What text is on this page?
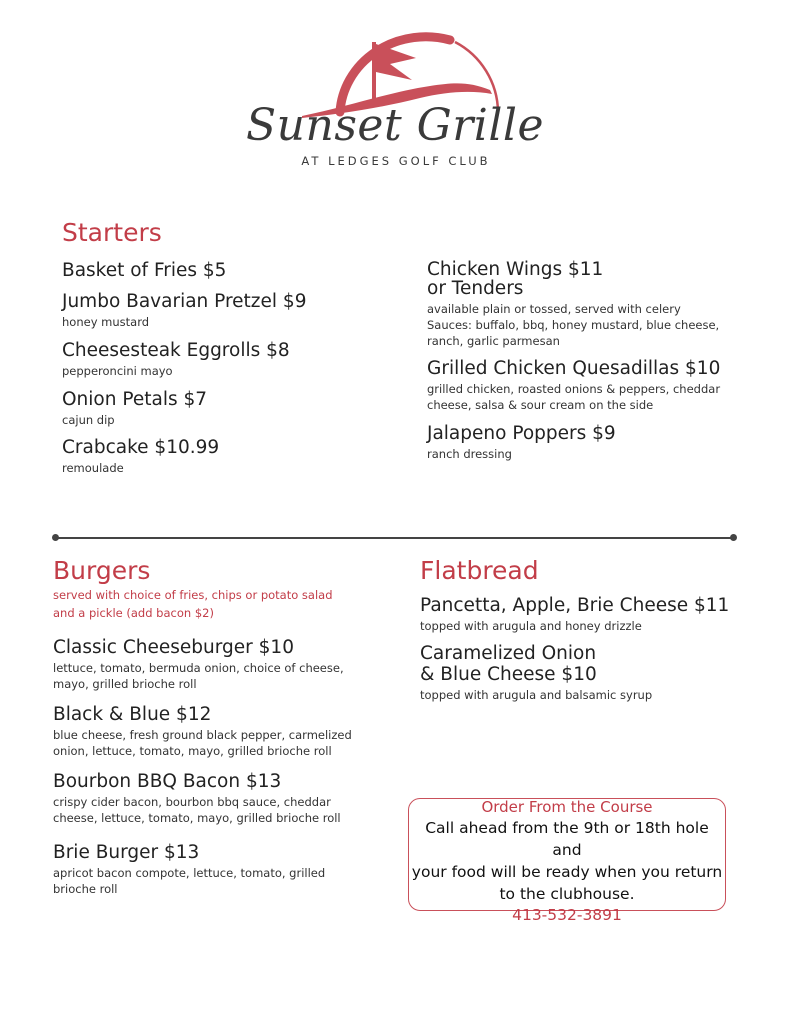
Sunset Grille
AT LEDGES GOLF CLUB
Starters
Basket of Fries $5
Jumbo Bavarian Pretzel $9
honey mustard
Cheesesteak Eggrolls $8
pepperoncini mayo
Onion Petals $7
cajun dip
Crabcake $10.99
remoulade
Chicken Wings $11
or Tenders
available plain or tossed, served with celery
Sauces: buffalo, bbq, honey mustard, blue cheese,
ranch, garlic parmesan
Grilled Chicken Quesadillas $10
grilled chicken, roasted onions & peppers, cheddar cheese, salsa & sour cream on the side
Jalapeno Poppers $9
ranch dressing
Burgers
served with choice of fries, chips or potato salad and a pickle (add bacon $2)
Classic Cheeseburger $10
lettuce, tomato, bermuda onion, choice of cheese, mayo, grilled brioche roll
Black & Blue $12
blue cheese, fresh ground black pepper, carmelized onion, lettuce, tomato, mayo, grilled brioche roll
Bourbon BBQ Bacon $13
crispy cider bacon, bourbon bbq sauce, cheddar cheese, lettuce, tomato, mayo, grilled brioche roll
Brie Burger $13
apricot bacon compote, lettuce, tomato, grilled brioche roll
Flatbread
Pancetta, Apple, Brie Cheese $11
topped with arugula and honey drizzle
Caramelized Onion
& Blue Cheese $10
topped with arugula and balsamic syrup
Order From the Course
Call ahead from the 9th or 18th hole and
your food will be ready when you return
to the clubhouse.
413-532-3891
